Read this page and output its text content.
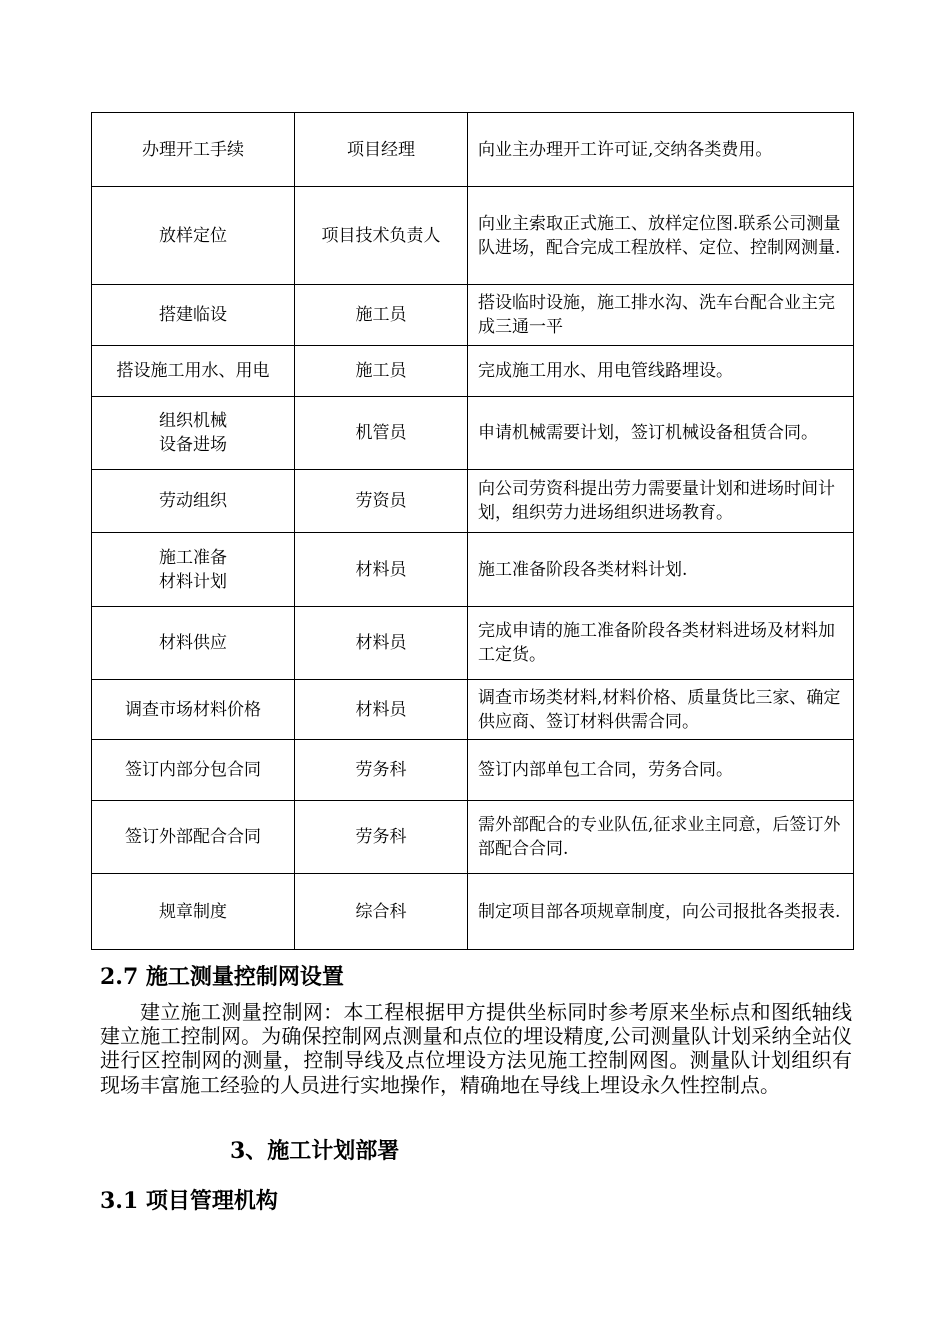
办理开工手续	项目经理	向业主办理开工许可证,交纳各类费用。
放样定位	项目技术负责人	向业主索取正式施工、放样定位图.联系公司测量队进场，配合完成工程放样、定位、控制网测量.
搭建临设	施工员	搭设临时设施，施工排水沟、洗车台配合业主完成三通一平
搭设施工用水、用电	施工员	完成施工用水、用电管线路埋设。
组织机械
设备进场	机管员	申请机械需要计划，签订机械设备租赁合同。
劳动组织	劳资员	向公司劳资科提出劳力需要量计划和进场时间计划，组织劳力进场组织进场教育。
施工准备
材料计划	材料员	施工准备阶段各类材料计划.
材料供应	材料员	完成申请的施工准备阶段各类材料进场及材料加工定货。
调查市场材料价格	材料员	调查市场类材料,材料价格、质量货比三家、确定供应商、签订材料供需合同。
签订内部分包合同	劳务科	签订内部单包工合同，劳务合同。
签订外部配合合同	劳务科	需外部配合的专业队伍,征求业主同意，后签订外部配合合同.
规章制度	综合科	制定项目部各项规章制度，向公司报批各类报表.
2.7 施工测量控制网设置

建立施工测量控制网：本工程根据甲方提供坐标同时参考原来坐标点和图纸轴线建立施工控制网。为确保控制网点测量和点位的埋设精度,公司测量队计划采纳全站仪进行区控制网的测量，控制导线及点位埋设方法见施工控制网图。测量队计划组织有现场丰富施工经验的人员进行实地操作，精确地在导线上埋设永久性控制点。

3、施工计划部署
3.1 项目管理机构
